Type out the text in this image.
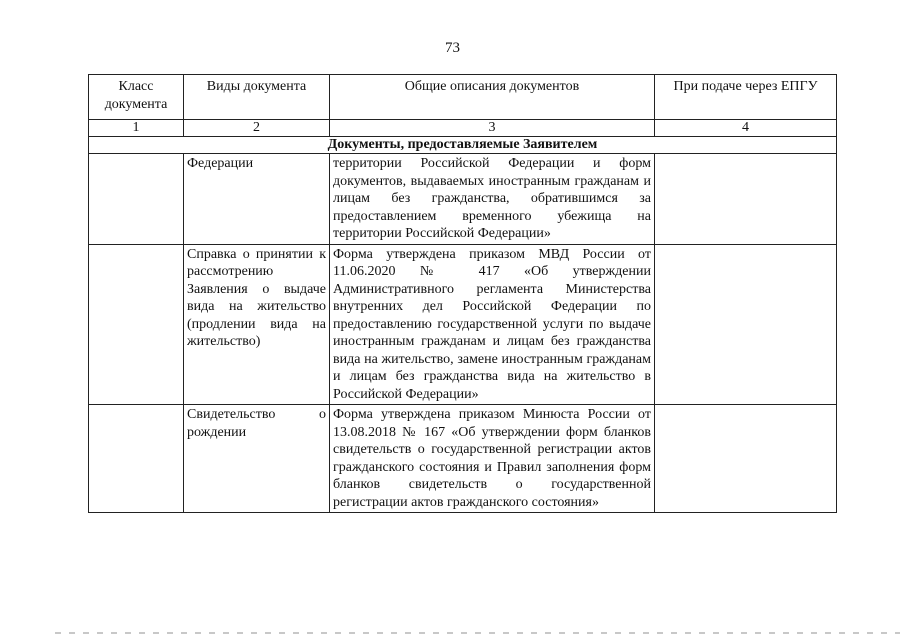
73
Класс документа	Виды документа	Общие описания документов	При подаче через ЕПГУ
1	2	3	4
Документы, предоставляемые Заявителем			
	Федерации	территории Российской Федерации и форм документов, выдаваемых иностранным гражданам и лицам без гражданства, обратившимся за предоставлением временного убежища на территории Российской Федерации»	
	Справка о принятии к рассмотрению Заявления о выдаче вида на жительство (продлении вида на жительство)	Форма утверждена приказом МВД России от 11.06.2020 № 417 «Об утверждении Административного регламента Министерства внутренних дел Российской Федерации по предоставлению государственной услуги по выдаче иностранным гражданам и лицам без гражданства вида на жительство, замене иностранным гражданам и лицам без гражданства вида на жительство в Российской Федерации»	
	Свидетельство о рождении	Форма утверждена приказом Минюста России от 13.08.2018 № 167 «Об утверждении форм бланков свидетельств о государственной регистрации актов гражданского состояния и Правил заполнения форм бланков свидетельств о государственной регистрации актов гражданского состояния»	
